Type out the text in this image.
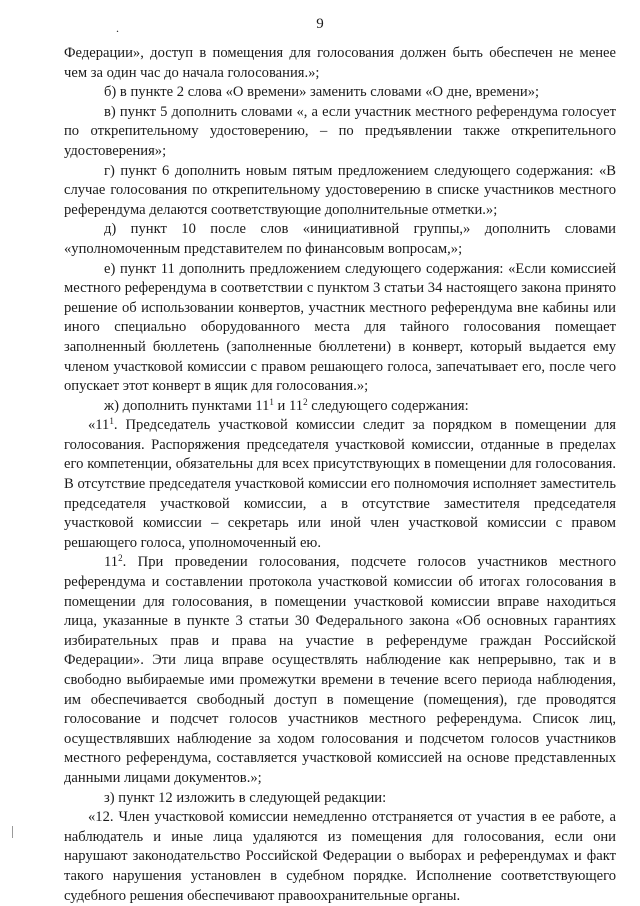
.	9

Федерации», доступ в помещения для голосования должен быть обеспечен не менее чем за один час до начала голосования.»;

б) в пункте 2 слова «О времени» заменить словами «О дне, времени»;

в) пункт 5 дополнить словами «, а если участник местного референдума голосует по открепительному удостоверению, – по предъявлении также открепительного удостоверения»;

г) пункт 6 дополнить новым пятым предложением следующего содержания: «В случае голосования по открепительному удостоверению в списке участников местного референдума делаются соответствующие дополнительные отметки.»;

д) пункт 10 после слов «инициативной группы,» дополнить словами «уполномоченным представителем по финансовым вопросам,»;

е) пункт 11 дополнить предложением следующего содержания: «Если комиссией местного референдума в соответствии с пунктом 3 статьи 34 настоящего закона принято решение об использовании конвертов, участник местного референдума вне кабины или иного специально оборудованного места для тайного голосования помещает заполненный бюллетень (заполненные бюллетени) в конверт, который выдается ему членом участковой комиссии с правом решающего голоса, запечатывает его, после чего опускает этот конверт в ящик для голосования.»;

ж) дополнить пунктами $11^1$ и $11^2$ следующего содержания:

«$11^1$. Председатель участковой комиссии следит за порядком в помещении для голосования. Распоряжения председателя участковой комиссии, отданные в пределах его компетенции, обязательны для всех присутствующих в помещении для голосования. В отсутствие председателя участковой комиссии его полномочия исполняет заместитель председателя участковой комиссии, а в отсутствие заместителя председателя участковой комиссии – секретарь или иной член участковой комиссии с правом решающего голоса, уполномоченный ею.

$11^2$. При проведении голосования, подсчете голосов участников местного референдума и составлении протокола участковой комиссии об итогах голосования в помещении для голосования, в помещении участковой комиссии вправе находиться лица, указанные в пункте 3 статьи 30 Федерального закона «Об основных гарантиях избирательных прав и права на участие в референдуме граждан Российской Федерации». Эти лица вправе осуществлять наблюдение как непрерывно, так и в свободно выбираемые ими промежутки времени в течение всего периода наблюдения, им обеспечивается свободный доступ в помещение (помещения), где проводятся голосование и подсчет голосов участников местного референдума. Список лиц, осуществлявших наблюдение за ходом голосования и подсчетом голосов участников местного референдума, составляется участковой комиссией на основе представленных данными лицами документов.»;

з) пункт 12 изложить в следующей редакции:

«12. Член участковой комиссии немедленно отстраняется от участия в ее работе, а наблюдатель и иные лица удаляются из помещения для голосования, если они нарушают законодательство Российской Федерации о выборах и референдумах и факт такого нарушения установлен в судебном порядке. Исполнение соответствующего судебного решения обеспечивают правоохранительные органы.
